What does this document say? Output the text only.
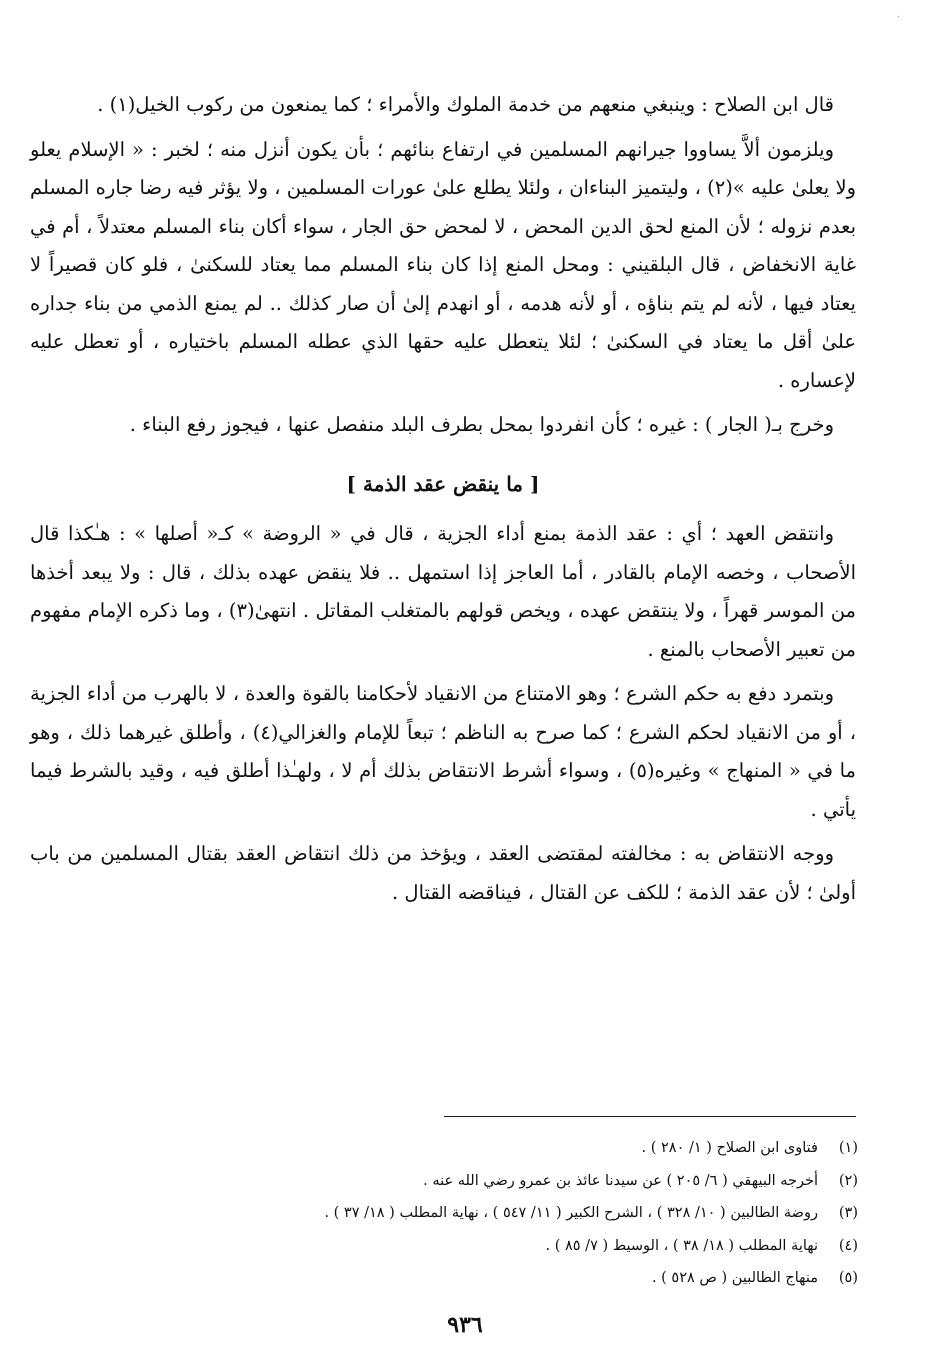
·

قال ابن الصلاح : وينبغي منعهم من خدمة الملوك والأمراء ؛ كما يمنعون من ركوب الخيل(١) .

ويلزمون ألاَّ يساووا جيرانهم المسلمين في ارتفاع بنائهم ؛ بأن يكون أنزل منه ؛ لخبر : « الإسلام يعلو ولا يعلىٰ عليه »(٢) ، وليتميز البناءان ، ولئلا يطلع علىٰ عورات المسلمين ، ولا يؤثر فيه رضا جاره المسلم بعدم نزوله ؛ لأن المنع لحق الدين المحض ، لا لمحض حق الجار ، سواء أكان بناء المسلم معتدلاً ، أم في غاية الانخفاض ، قال البلقيني : ومحل المنع إذا كان بناء المسلم مما يعتاد للسكنىٰ ، فلو كان قصيراً لا يعتاد فيها ، لأنه لم يتم بناؤه ، أو لأنه هدمه ، أو انهدم إلىٰ أن صار كذلك .. لم يمنع الذمي من بناء جداره علىٰ أقل ما يعتاد في السكنىٰ ؛ لئلا يتعطل عليه حقها الذي عطله المسلم باختياره ، أو تعطل عليه لإعساره .

وخرج بـ( الجار ) : غيره ؛ كأن انفردوا بمحل بطرف البلد منفصل عنها ، فيجوز رفع البناء .

[ ما ينقض عقد الذمة ]

وانتقض العهد ؛ أي : عقد الذمة بمنع أداء الجزية ، قال في « الروضة » كـ« أصلها » : هـٰكذا قال الأصحاب ، وخصه الإمام بالقادر ، أما العاجز إذا استمهل .. فلا ينقض عهده بذلك ، قال : ولا يبعد أخذها من الموسر قهراً ، ولا ينتقض عهده ، ويخص قولهم بالمتغلب المقاتل . انتهىٰ(٣) ، وما ذكره الإمام مفهوم من تعبير الأصحاب بالمنع .

وبتمرد دفع به حكم الشرع ؛ وهو الامتناع من الانقياد لأحكامنا بالقوة والعدة ، لا بالهرب من أداء الجزية ، أو من الانقياد لحكم الشرع ؛ كما صرح به الناظم ؛ تبعاً للإمام والغزالي(٤) ، وأطلق غيرهما ذلك ، وهو ما في « المنهاج » وغيره(٥) ، وسواء أشرط الانتقاض بذلك أم لا ، ولهـٰذا أطلق فيه ، وقيد بالشرط فيما يأتي .

ووجه الانتقاض به : مخالفته لمقتضى العقد ، ويؤخذ من ذلك انتقاض العقد بقتال المسلمين من باب أولىٰ ؛ لأن عقد الذمة ؛ للكف عن القتال ، فيناقضه القتال .

(١)
فتاوى ابن الصلاح ( ١/ ٢٨٠ ) .
(٢)
أخرجه البيهقي ( ٦/ ٢٠٥ ) عن سيدنا عائذ بن عمرو رضي الله عنه .
(٣)
روضة الطالبين ( ١٠/ ٣٢٨ ) ، الشرح الكبير ( ١١/ ٥٤٧ ) ، نهاية المطلب ( ١٨/ ٣٧ ) .
(٤)
نهاية المطلب ( ١٨/ ٣٨ ) ، الوسيط ( ٧/ ٨٥ ) .
(٥)
منهاج الطالبين ( ص ٥٢٨ ) .
٩٣٦
